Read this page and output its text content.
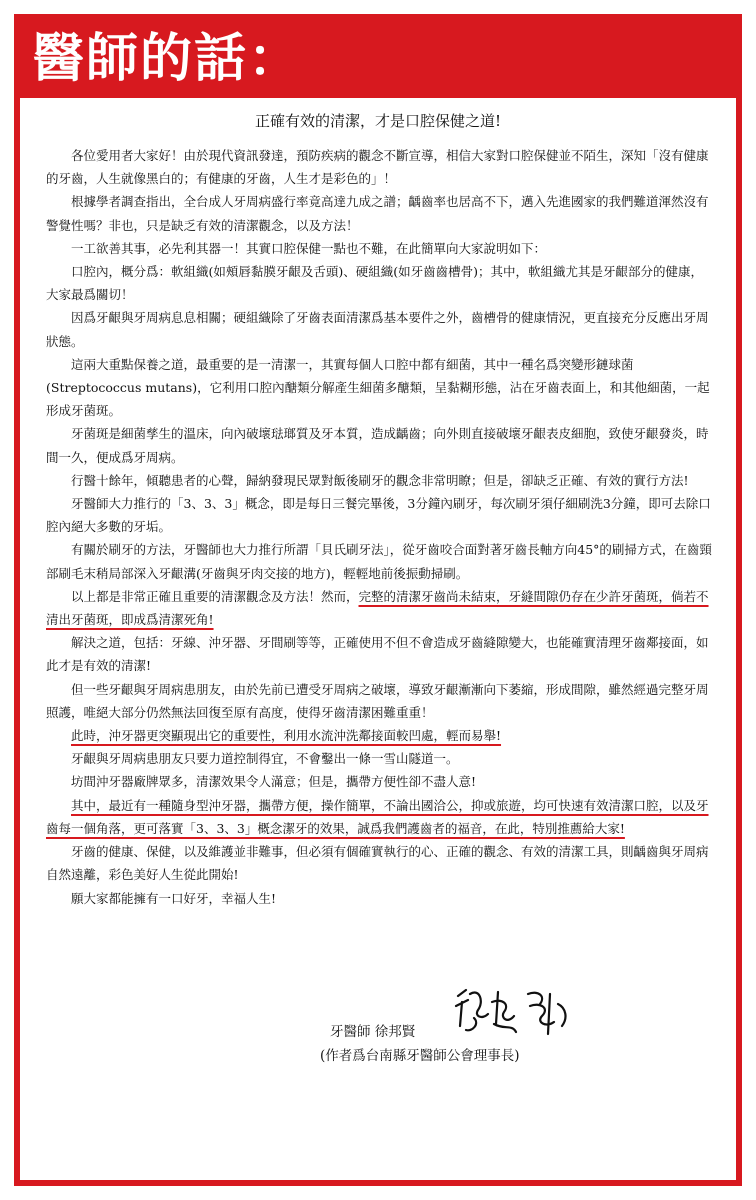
醫師的話：
正確有效的清潔，才是口腔保健之道!

各位愛用者大家好！由於現代資訊發達，預防疾病的觀念不斷宣導，相信大家對口腔保健並不陌生，深知「沒有健康的牙齒，人生就像黑白的；有健康的牙齒，人生才是彩色的」！

根據學者調查指出，全台成人牙周病盛行率竟高達九成之譜；齲齒率也居高不下，邁入先進國家的我們難道渾然沒有警覺性嗎？非也，只是缺乏有效的清潔觀念，以及方法！

一工欲善其事，必先利其器一！其實口腔保健一點也不難，在此簡單向大家說明如下：

口腔內，概分爲：軟組織(如頰唇黏膜牙齦及舌頭)、硬組織(如牙齒齒槽骨)；其中，軟組織尤其是牙齦部分的健康，大家最爲關切！

因爲牙齦與牙周病息息相關；硬組織除了牙齒表面清潔爲基本要件之外，齒槽骨的健康情況，更直接充分反應出牙周狀態。

這兩大重點保養之道，最重要的是一清潔一，其實每個人口腔中都有細菌，其中一種名爲突變形鏈球菌(Streptococcus mutans)，它利用口腔內醣類分解產生細菌多醣類，呈黏糊形態，沾在牙齒表面上，和其他細菌，一起形成牙菌斑。

牙菌斑是細菌孳生的溫床，向內破壞琺瑯質及牙本質，造成齲齒；向外則直接破壞牙齦表皮細胞，致使牙齦發炎，時間一久，便成爲牙周病。

行醫十餘年，傾聽患者的心聲，歸納發現民眾對飯後刷牙的觀念非常明瞭；但是，卻缺乏正確、有效的實行方法!

牙醫師大力推行的「3、3、3」概念，即是每日三餐完畢後，3分鐘內刷牙，每次刷牙須仔細刷洗3分鐘，即可去除口腔內絕大多數的牙垢。

有關於刷牙的方法，牙醫師也大力推行所謂「貝氏刷牙法」，從牙齒咬合面對著牙齒長軸方向45°的刷掃方式，在齒頸部刷毛末稍局部深入牙齦溝(牙齒與牙肉交接的地方)，輕輕地前後振動掃刷。

以上都是非常正確且重要的清潔觀念及方法！然而，完整的清潔牙齒尚未結束，牙縫間隙仍存在少許牙菌斑，倘若不清出牙菌斑，即成爲清潔死角!

解決之道，包括：牙線、沖牙器、牙間刷等等，正確使用不但不會造成牙齒縫隙變大，也能確實清理牙齒鄰接面，如此才是有效的清潔!

但一些牙齦與牙周病患朋友，由於先前已遭受牙周病之破壞，導致牙齦漸漸向下萎縮，形成間隙，雖然經過完整牙周照護，唯絕大部分仍然無法回復至原有高度，使得牙齒清潔困難重重！

此時，沖牙器更突顯現出它的重要性，利用水流沖洗鄰接面較凹處，輕而易舉!

牙齦與牙周病患朋友只要力道控制得宜，不會鑿出一條一雪山隧道一。

坊間沖牙器廠牌眾多，清潔效果令人滿意；但是，攜帶方便性卻不盡人意!

其中，最近有一種隨身型沖牙器，攜帶方便，操作簡單，不論出國洽公，抑或旅遊，均可快速有效清潔口腔，以及牙齒每一個角落，更可落實「3、3、3」概念潔牙的效果，誠爲我們護齒者的福音，在此，特別推薦給大家!

牙齒的健康、保健，以及維護並非難事，但必須有個確實執行的心、正確的觀念、有效的清潔工具，則齲齒與牙周病自然遠離，彩色美好人生從此開始!

願大家都能擁有一口好牙，幸福人生!

牙醫師 徐邦賢
(作者爲台南縣牙醫師公會理事長)
